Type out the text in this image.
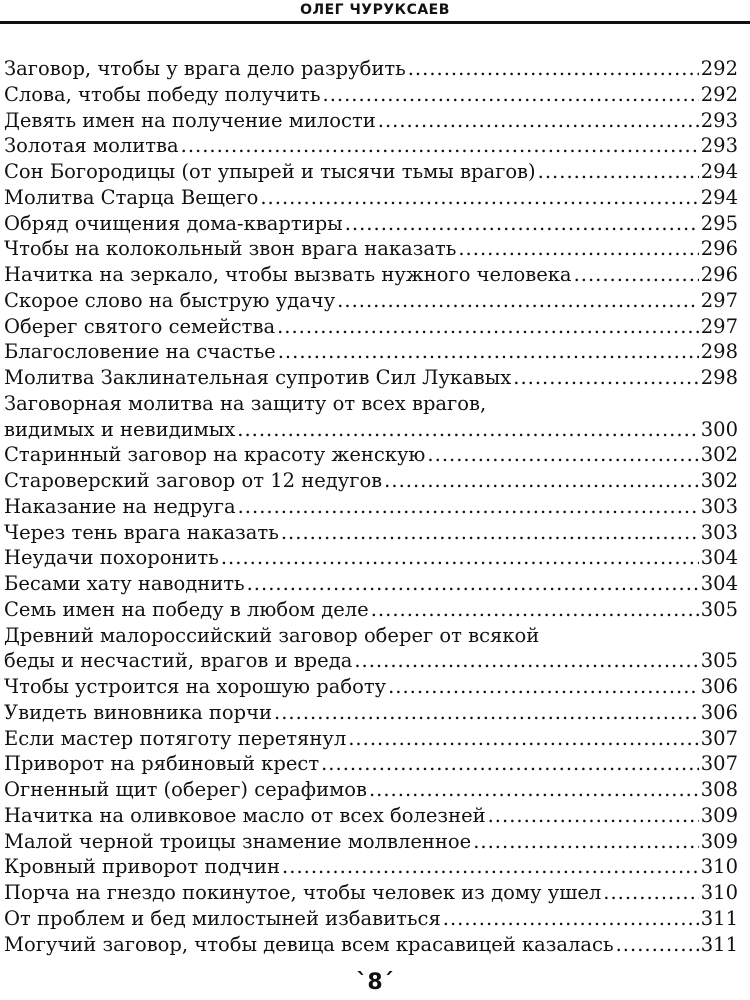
ОЛЕГ ЧУРУКСАЕВ
Заговор, чтобы у врага дело разрубить .....	292
Слова, чтобы победу получить .....	292
Девять имен на получение милости .....	293
Золотая молитва .....	293
Сон Богородицы (от упырей и тысячи тьмы врагов) .....	294
Молитва Старца Вещего .....	294
Обряд очищения дома-квартиры .....	295
Чтобы на колокольный звон врага наказать .....	296
Начитка на зеркало, чтобы вызвать нужного человека .....	296
Скорое слово на быструю удачу .....	297
Оберег святого семейства .....	297
Благословение на счастье .....	298
Молитва Заклинательная супротив Сил Лукавых .....	298
Заговорная молитва на защиту от всех врагов,
видимых и невидимых .....	300
Старинный заговор на красоту женскую .....	302
Староверский заговор от 12 недугов .....	302
Наказание на недруга .....	303
Через тень врага наказать .....	303
Неудачи похоронить .....	304
Бесами хату наводнить .....	304
Семь имен на победу в любом деле .....	305
Древний малороссийский заговор оберег от всякой
беды и несчастий, врагов и вреда .....	305
Чтобы устроится на хорошую работу .....	306
Увидеть виновника порчи .....	306
Если мастер потяготу перетянул .....	307
Приворот на рябиновый крест .....	307
Огненный щит (оберег) серафимов .....	308
Начитка на оливковое масло от всех болезней .....	309
Малой черной троицы знамение молвленное .....	309
Кровный приворот подчин .....	310
Порча на гнездо покинутое, чтобы человек из дому ушел .....	310
От проблем и бед милостыней избавиться .....	311
Могучий заговор, чтобы девица всем красавицей казалась .....	311
`8´
